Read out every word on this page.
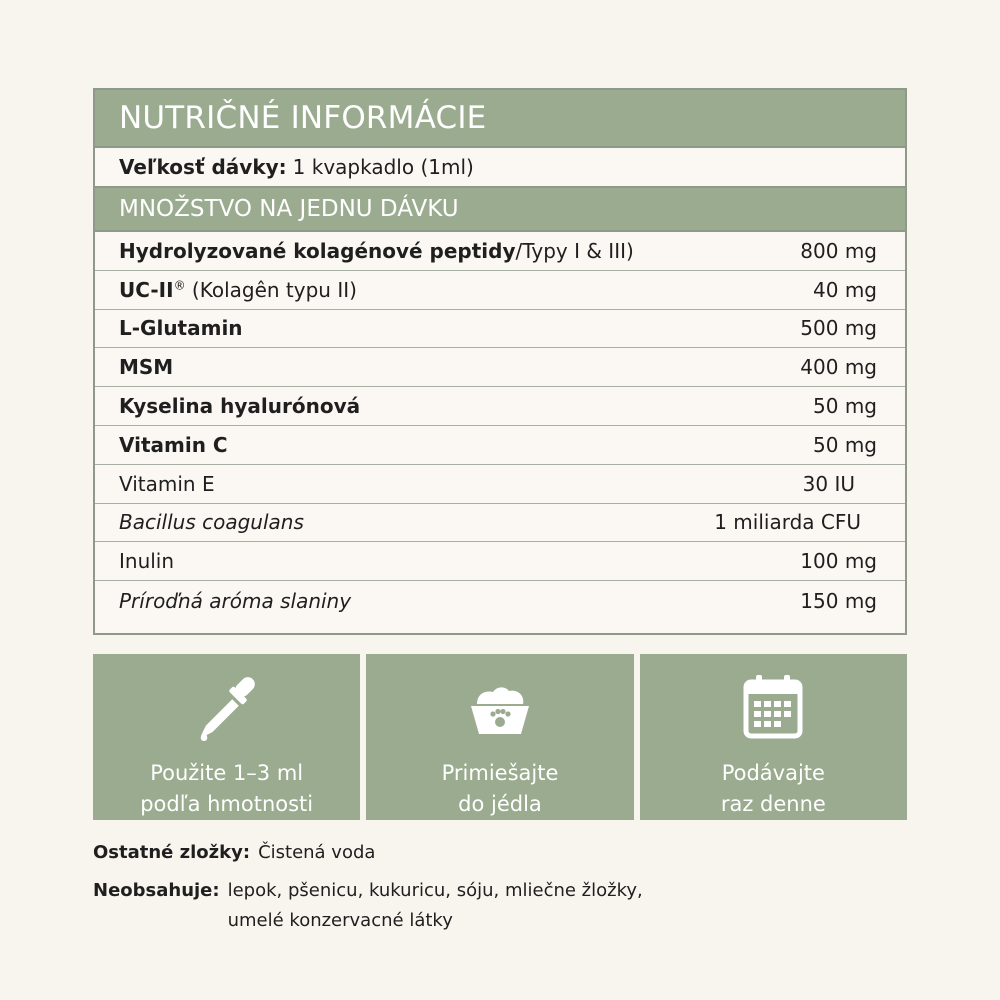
NUTRIČNÉ INFORMÁCIE
Veľkosť dávky: 1 kvapkadlo (1ml)
MNOŽSTVO NA JEDNU DÁVKU
Hydrolyzované kolagénové peptidy/Typy I & III)	800 mg
UC-II® (Kolagên typu II)	40 mg
L-Glutamin	500 mg
MSM	400 mg
Kyselina hyalurónová	50 mg
Vitamin C	50 mg
Vitamin E	30 IU
Bacillus coagulans	1 miliarda CFU
Inulin	100 mg
Príroďná aróma slaniny	150 mg
Použite 1–3 ml
podľa hmotnosti
Primiešajte
do jédla
Podávajte
raz denne
Ostatné zložky: Čistená voda
Neobsahuje: lepok, pšenicu, kukuricu, sóju, mliečne žložky,
umelé konzervacné látky
